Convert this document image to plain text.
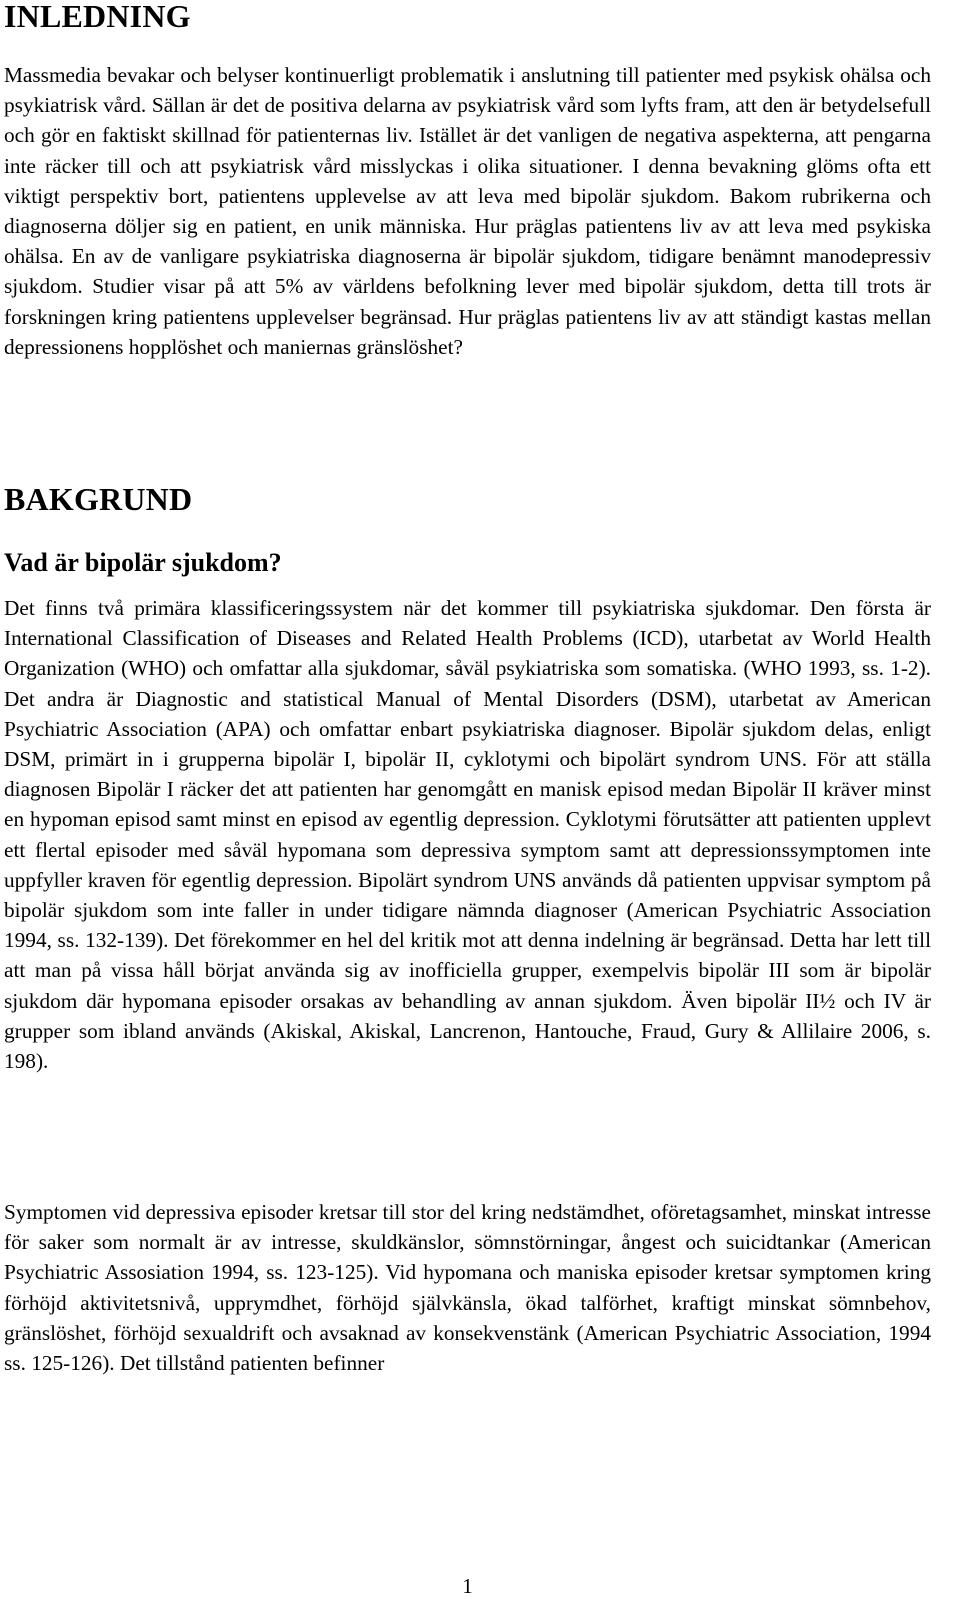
INLEDNING

Massmedia bevakar och belyser kontinuerligt problematik i anslutning till patienter med psykisk ohälsa och psykiatrisk vård. Sällan är det de positiva delarna av psykiatrisk vård som lyfts fram, att den är betydelsefull och gör en faktiskt skillnad för patienternas liv. Istället är det vanligen de negativa aspekterna, att pengarna inte räcker till och att psykiatrisk vård misslyckas i olika situationer. I denna bevakning glöms ofta ett viktigt perspektiv bort, patientens upplevelse av att leva med bipolär sjukdom. Bakom rubrikerna och diagnoserna döljer sig en patient, en unik människa. Hur präglas patientens liv av att leva med psykiska ohälsa. En av de vanligare psykiatriska diagnoserna är bipolär sjukdom, tidigare benämnt manodepressiv sjukdom. Studier visar på att 5% av världens befolkning lever med bipolär sjukdom, detta till trots är forskningen kring patientens upplevelser begränsad. Hur präglas patientens liv av att ständigt kastas mellan depressionens hopplöshet och maniernas gränslöshet?

BAKGRUND
Vad är bipolär sjukdom?

Det finns två primära klassificeringssystem när det kommer till psykiatriska sjukdomar. Den första är International Classification of Diseases and Related Health Problems (ICD), utarbetat av World Health Organization (WHO) och omfattar alla sjukdomar, såväl psykiatriska som somatiska. (WHO 1993, ss. 1-2). Det andra är Diagnostic and statistical Manual of Mental Disorders (DSM), utarbetat av American Psychiatric Association (APA) och omfattar enbart psykiatriska diagnoser. Bipolär sjukdom delas, enligt DSM, primärt in i grupperna bipolär I, bipolär II, cyklotymi och bipolärt syndrom UNS. För att ställa diagnosen Bipolär I räcker det att patienten har genomgått en manisk episod medan Bipolär II kräver minst en hypoman episod samt minst en episod av egentlig depression. Cyklotymi förutsätter att patienten upplevt ett flertal episoder med såväl hypomana som depressiva symptom samt att depressionssymptomen inte uppfyller kraven för egentlig depression. Bipolärt syndrom UNS används då patienten uppvisar symptom på bipolär sjukdom som inte faller in under tidigare nämnda diagnoser (American Psychiatric Association 1994, ss. 132-139). Det förekommer en hel del kritik mot att denna indelning är begränsad. Detta har lett till att man på vissa håll börjat använda sig av inofficiella grupper, exempelvis bipolär III som är bipolär sjukdom där hypomana episoder orsakas av behandling av annan sjukdom. Även bipolär II½ och IV är grupper som ibland används (Akiskal, Akiskal, Lancrenon, Hantouche, Fraud, Gury & Allilaire 2006, s. 198).

Symptomen vid depressiva episoder kretsar till stor del kring nedstämdhet, oföretagsamhet, minskat intresse för saker som normalt är av intresse, skuldkänslor, sömnstörningar, ångest och suicidtankar (American Psychiatric Assosiation 1994, ss. 123-125). Vid hypomana och maniska episoder kretsar symptomen kring förhöjd aktivitetsnivå, upprymdhet, förhöjd självkänsla, ökad talförhet, kraftigt minskat sömnbehov, gränslöshet, förhöjd sexualdrift och avsaknad av konsekvenstänk (American Psychiatric Association, 1994 ss. 125-126). Det tillstånd patienten befinner

1
